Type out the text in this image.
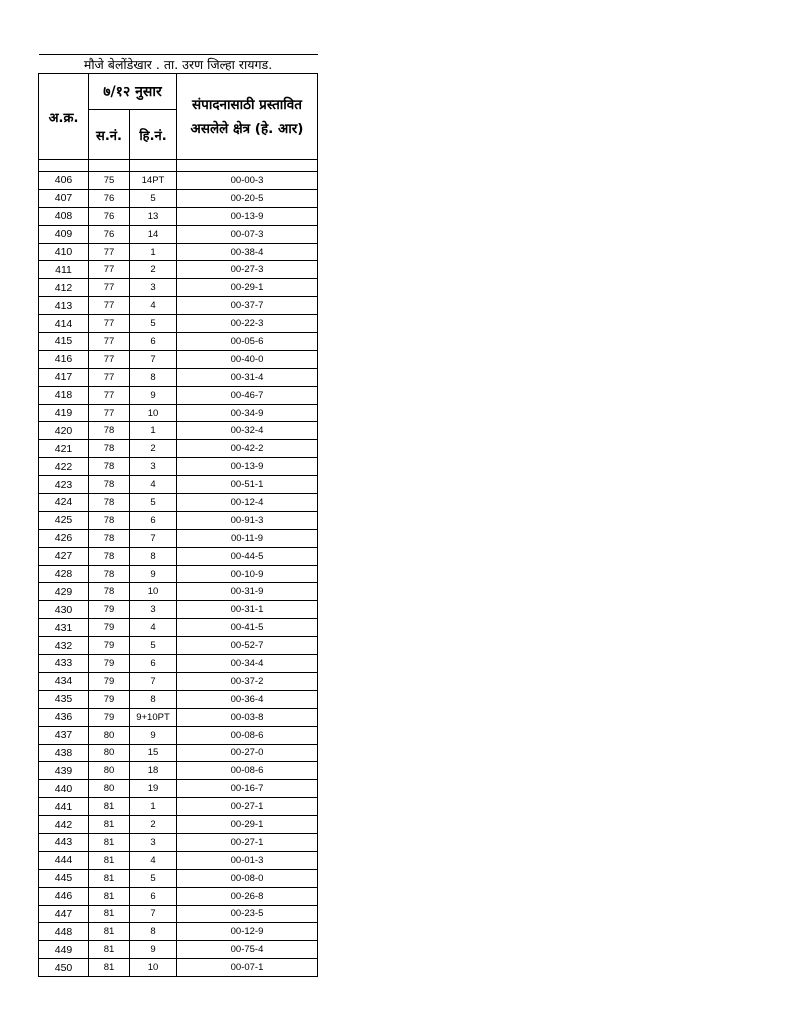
मौजे बेलोंडेखार . ता. उरण जिल्हा रायगड.			
अ.क्र.	७/१२ नुसार		संपादनासाठी प्रस्तावित असलेले क्षेत्र (हे. आर)
	स.नं.	हि.नं.	

406	75	14PT	00-00-3
407	76	5	00-20-5
408	76	13	00-13-9
409	76	14	00-07-3
410	77	1	00-38-4
411	77	2	00-27-3
412	77	3	00-29-1
413	77	4	00-37-7
414	77	5	00-22-3
415	77	6	00-05-6
416	77	7	00-40-0
417	77	8	00-31-4
418	77	9	00-46-7
419	77	10	00-34-9
420	78	1	00-32-4
421	78	2	00-42-2
422	78	3	00-13-9
423	78	4	00-51-1
424	78	5	00-12-4
425	78	6	00-91-3
426	78	7	00-11-9
427	78	8	00-44-5
428	78	9	00-10-9
429	78	10	00-31-9
430	79	3	00-31-1
431	79	4	00-41-5
432	79	5	00-52-7
433	79	6	00-34-4
434	79	7	00-37-2
435	79	8	00-36-4
436	79	9+10PT	00-03-8
437	80	9	00-08-6
438	80	15	00-27-0
439	80	18	00-08-6
440	80	19	00-16-7
441	81	1	00-27-1
442	81	2	00-29-1
443	81	3	00-27-1
444	81	4	00-01-3
445	81	5	00-08-0
446	81	6	00-26-8
447	81	7	00-23-5
448	81	8	00-12-9
449	81	9	00-75-4
450	81	10	00-07-1
